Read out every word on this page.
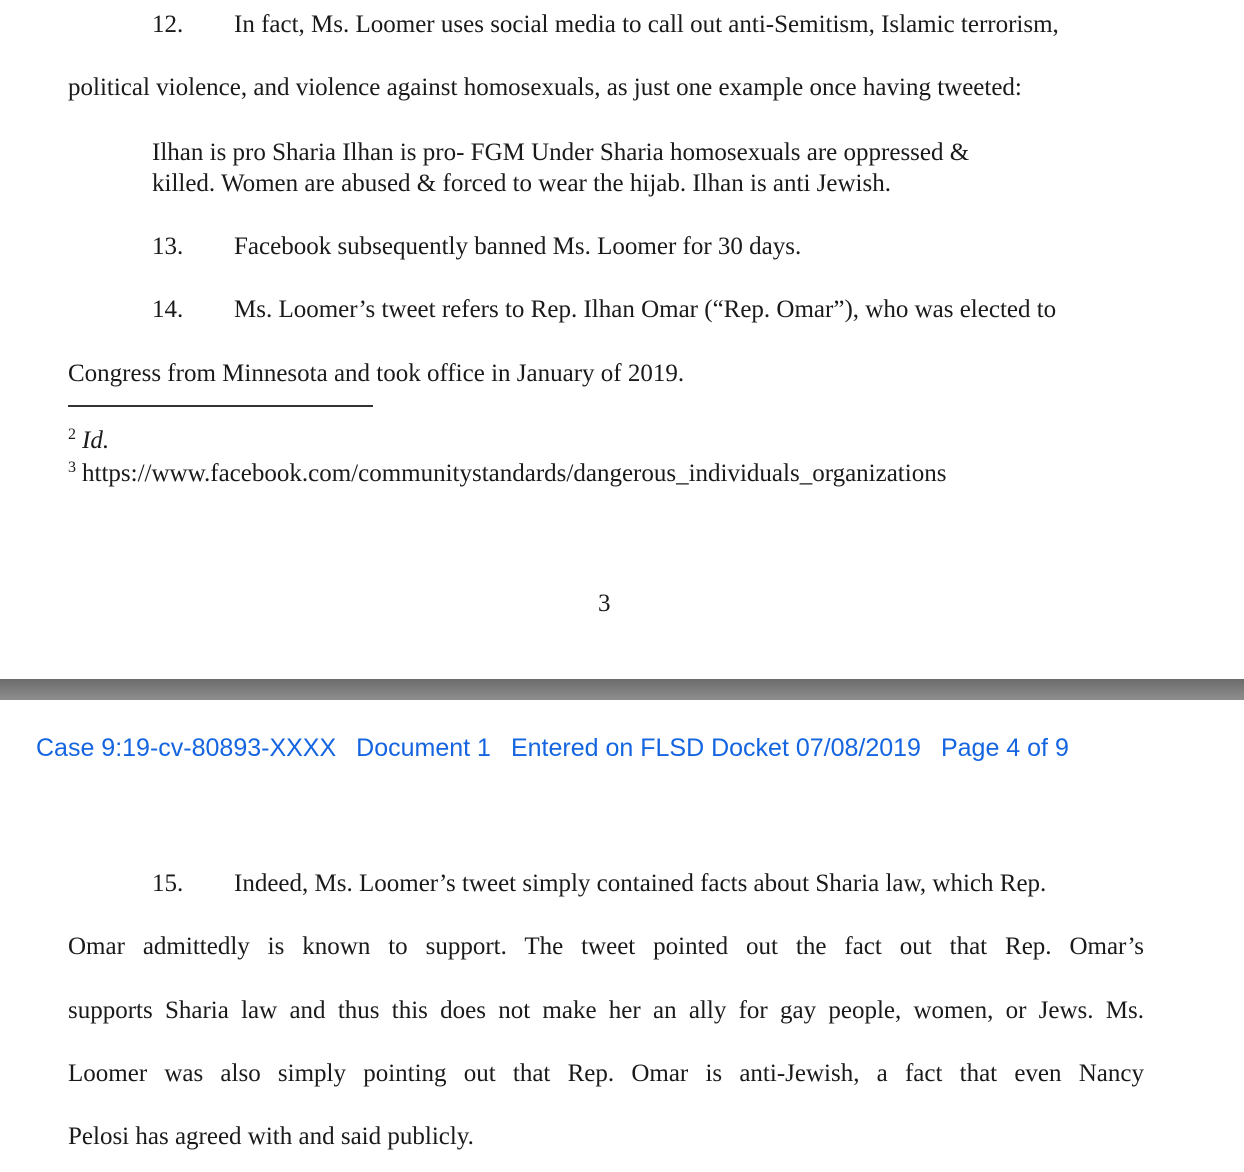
12. In fact, Ms. Loomer uses social media to call out anti-Semitism, Islamic terrorism,
political violence, and violence against homosexuals, as just one example once having tweeted:
Ilhan is pro Sharia Ilhan is pro- FGM Under Sharia homosexuals are oppressed &
killed. Women are abused & forced to wear the hijab. Ilhan is anti Jewish.
13. Facebook subsequently banned Ms. Loomer for 30 days.
14. Ms. Loomer’s tweet refers to Rep. Ilhan Omar (“Rep. Omar”), who was elected to
Congress from Minnesota and took office in January of 2019.
$^2$ Id.
$^3$ https://www.facebook.com/communitystandards/dangerous_individuals_organizations
3
Case 9:19-cv-80893-XXXX Document 1 Entered on FLSD Docket 07/08/2019 Page 4 of 9
15. Indeed, Ms. Loomer’s tweet simply contained facts about Sharia law, which Rep.
Omar admittedly is known to support. The tweet pointed out the fact out that Rep. Omar’s
supports Sharia law and thus this does not make her an ally for gay people, women, or Jews. Ms.
Loomer was also simply pointing out that Rep. Omar is anti-Jewish, a fact that even Nancy
Pelosi has agreed with and said publicly.
